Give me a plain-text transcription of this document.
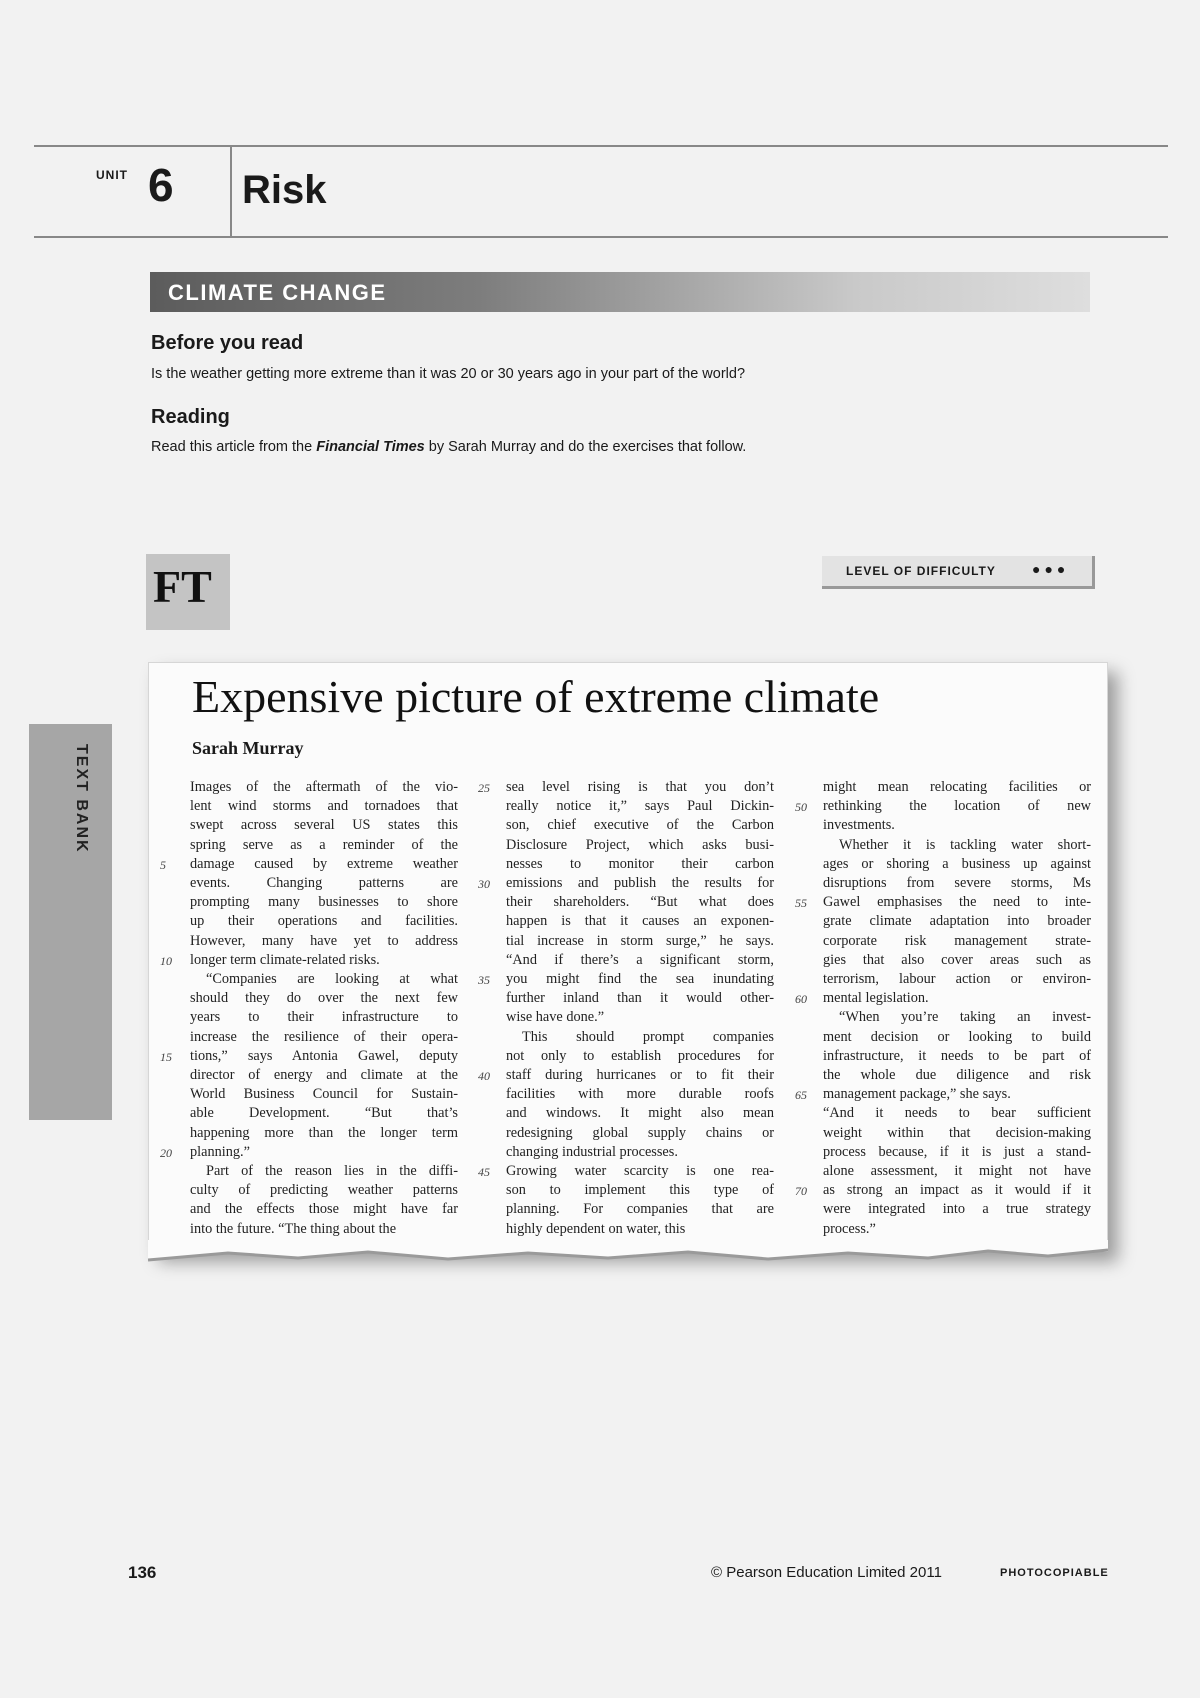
UNIT 6 Risk
CLIMATE CHANGE
Before you read
Is the weather getting more extreme than it was 20 or 30 years ago in your part of the world?
Reading
Read this article from the Financial Times by Sarah Murray and do the exercises that follow.
TEXT BANK
FT	LEVEL OF DIFFICULTY	●●●
Expensive picture of extreme climate
Sarah Murray
Images of the aftermath of the vio-
lent wind storms and tornadoes that
swept across several US states this
spring serve as a reminder of the
damage caused by extreme weather
events. Changing patterns are
prompting many businesses to shore
up their operations and facilities.
However, many have yet to address
longer term climate-related risks.
“Companies are looking at what
should they do over the next few
years to their infrastructure to
increase the resilience of their opera-
tions,” says Antonia Gawel, deputy
director of energy and climate at the
World Business Council for Sustain-
able Development. “But that’s
happening more than the longer term
planning.”
Part of the reason lies in the diffi-
culty of predicting weather patterns
and the effects those might have far
into the future. “The thing about the
sea level rising is that you don’t
really notice it,” says Paul Dickin-
son, chief executive of the Carbon
Disclosure Project, which asks busi-
nesses to monitor their carbon
emissions and publish the results for
their shareholders. “But what does
happen is that it causes an exponen-
tial increase in storm surge,” he says.
“And if there’s a significant storm,
you might find the sea inundating
further inland than it would other-
wise have done.”
This should prompt companies
not only to establish procedures for
staff during hurricanes or to fit their
facilities with more durable roofs
and windows. It might also mean
redesigning global supply chains or
changing industrial processes.
Growing water scarcity is one rea-
son to implement this type of
planning. For companies that are
highly dependent on water, this
might mean relocating facilities or
rethinking the location of new
investments.
Whether it is tackling water short-
ages or shoring a business up against
disruptions from severe storms, Ms
Gawel emphasises the need to inte-
grate climate adaptation into broader
corporate risk management strate-
gies that also cover areas such as
terrorism, labour action or environ-
mental legislation.
“When you’re taking an invest-
ment decision or looking to build
infrastructure, it needs to be part of
the whole due diligence and risk
management package,” she says.
“And it needs to bear sufficient
weight within that decision-making
process because, if it is just a stand-
alone assessment, it might not have
as strong an impact as it would if it
were integrated into a true strategy
process.”
5
10
15
20
25
30
35
40
45
50
55
60
65
70
136	© Pearson Education Limited 2011	PHOTOCOPIABLE
